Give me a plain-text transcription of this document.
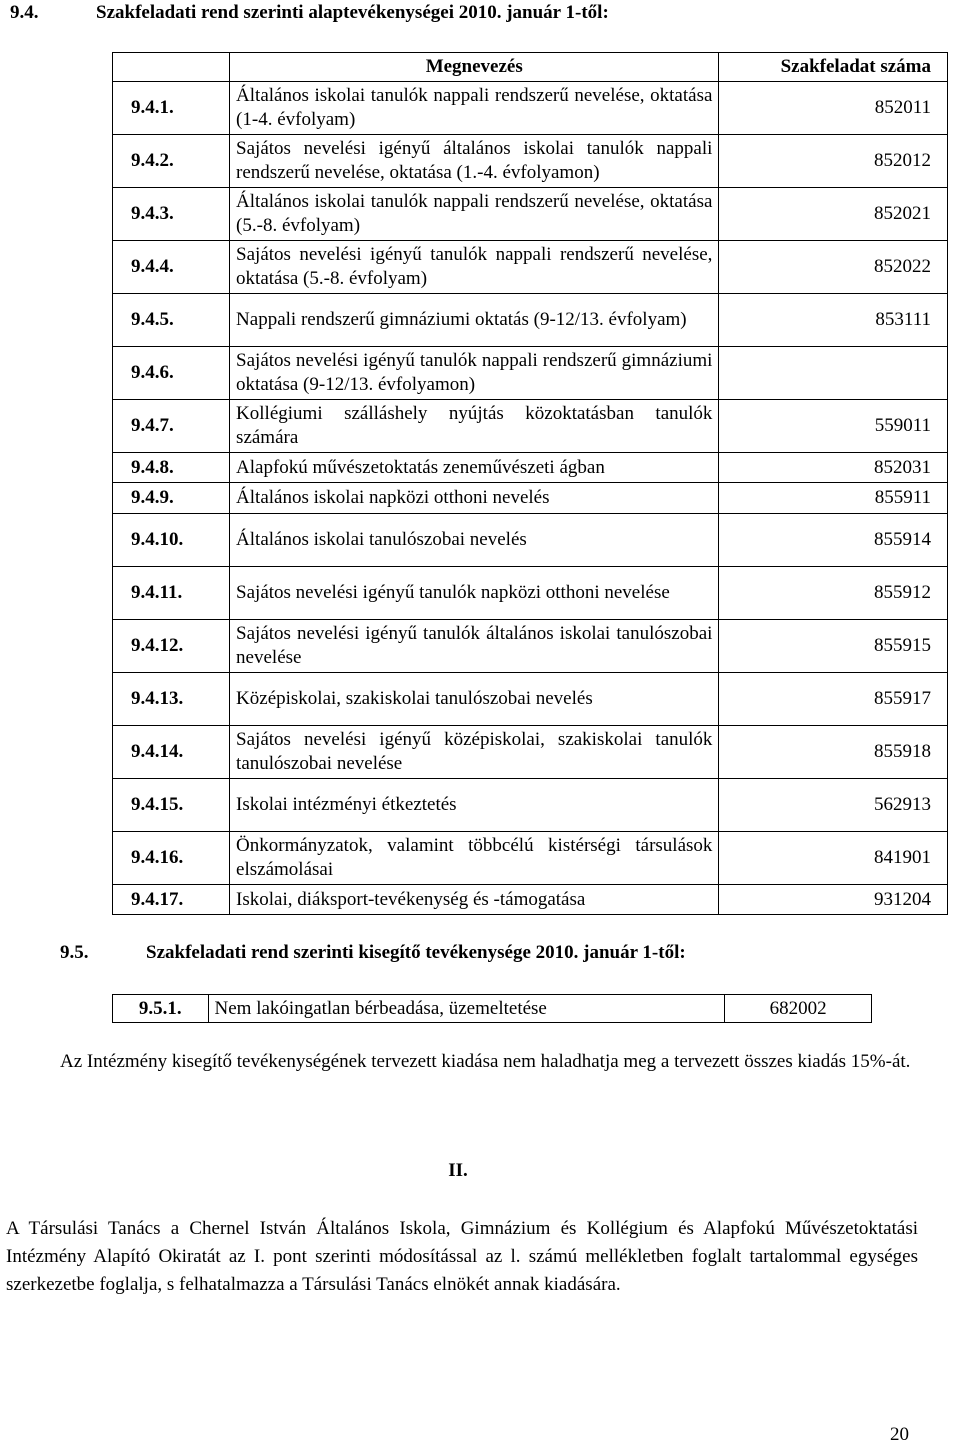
9.4.	Szakfeladati rend szerinti alaptevékenységei 2010. január 1-től:
	Megnevezés	Szakfeladat száma
9.4.1.	Általános iskolai tanulók nappali rendszerű nevelése, oktatása (1-4. évfolyam)	852011
9.4.2.	Sajátos nevelési igényű általános iskolai tanulók nappali rendszerű nevelése, oktatása (1.-4. évfolyamon)	852012
9.4.3.	Általános iskolai tanulók nappali rendszerű nevelése, oktatása (5.-8. évfolyam)	852021
9.4.4.	Sajátos nevelési igényű tanulók nappali rendszerű nevelése, oktatása (5.-8. évfolyam)	852022
9.4.5.	Nappali rendszerű gimnáziumi oktatás (9-12/13. évfolyam)	853111
9.4.6.	Sajátos nevelési igényű tanulók nappali rendszerű gimnáziumi oktatása (9-12/13. évfolyamon)	
9.4.7.	Kollégiumi szálláshely nyújtás közoktatásban tanulók számára	559011
9.4.8.	Alapfokú művészetoktatás zeneművészeti ágban	852031
9.4.9.	Általános iskolai napközi otthoni nevelés	855911
9.4.10.	Általános iskolai tanulószobai nevelés	855914
9.4.11.	Sajátos nevelési igényű tanulók napközi otthoni nevelése	855912
9.4.12.	Sajátos nevelési igényű tanulók általános iskolai tanulószobai nevelése	855915
9.4.13.	Középiskolai, szakiskolai tanulószobai nevelés	855917
9.4.14.	Sajátos nevelési igényű középiskolai, szakiskolai tanulók tanulószobai nevelése	855918
9.4.15.	Iskolai intézményi étkeztetés	562913
9.4.16.	Önkormányzatok, valamint többcélú kistérségi társulások elszámolásai	841901
9.4.17.	Iskolai, diáksport-tevékenység és -támogatása	931204
9.5.	Szakfeladati rend szerinti kisegítő tevékenysége 2010. január 1-től:
9.5.1.	Nem lakóingatlan bérbeadása, üzemeltetése	682002
Az Intézmény kisegítő tevékenységének tervezett kiadása nem haladhatja meg a tervezett összes kiadás 15%-át.
II.
A Társulási Tanács a Chernel István Általános Iskola, Gimnázium és Kollégium és Alapfokú Művészetoktatási Intézmény Alapító Okiratát az I. pont szerinti módosítással az l. számú mellékletben foglalt tartalommal egységes szerkezetbe foglalja, s felhatalmazza a Társulási Tanács elnökét annak kiadására.
20
